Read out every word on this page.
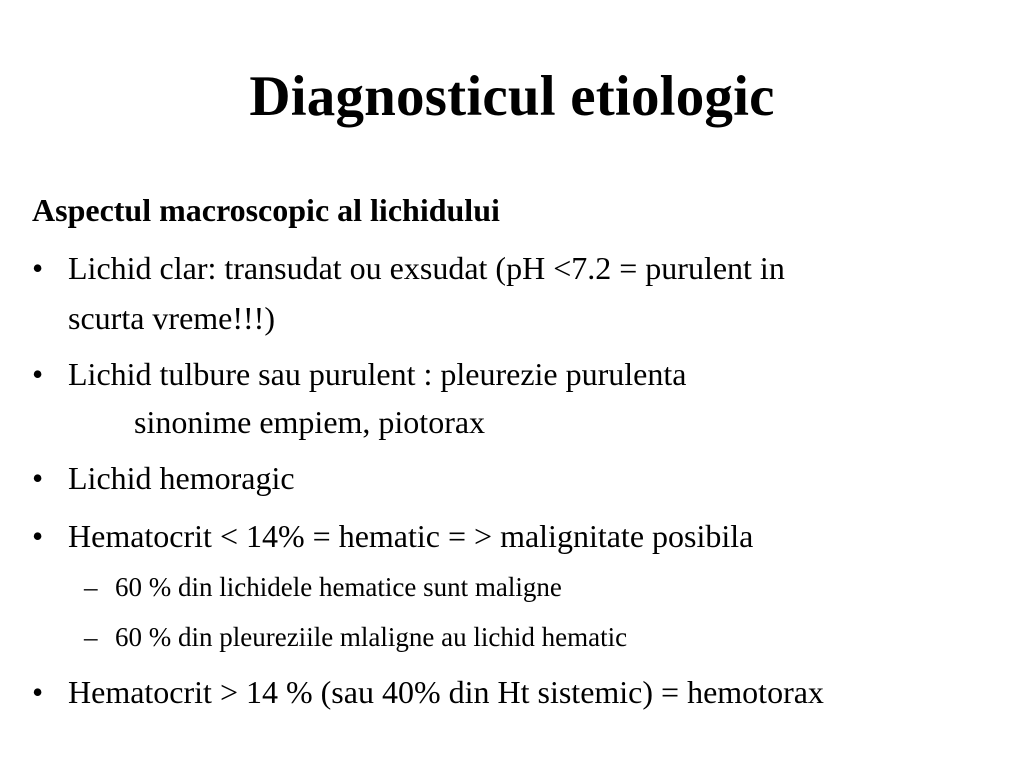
Diagnosticul etiologic
Aspectul macroscopic al lichidului
• Lichid clar: transudat ou exsudat (pH <7.2 = purulent in
scurta vreme!!!)
• Lichid tulbure sau purulent : pleurezie purulenta
sinonime empiem, piotorax
• Lichid hemoragic
• Hematocrit < 14% = hematic = > malignitate posibila
– 60 % din lichidele hematice sunt maligne
– 60 % din pleureziile mlaligne au lichid hematic
• Hematocrit > 14 % (sau 40% din Ht sistemic) = hemotorax
